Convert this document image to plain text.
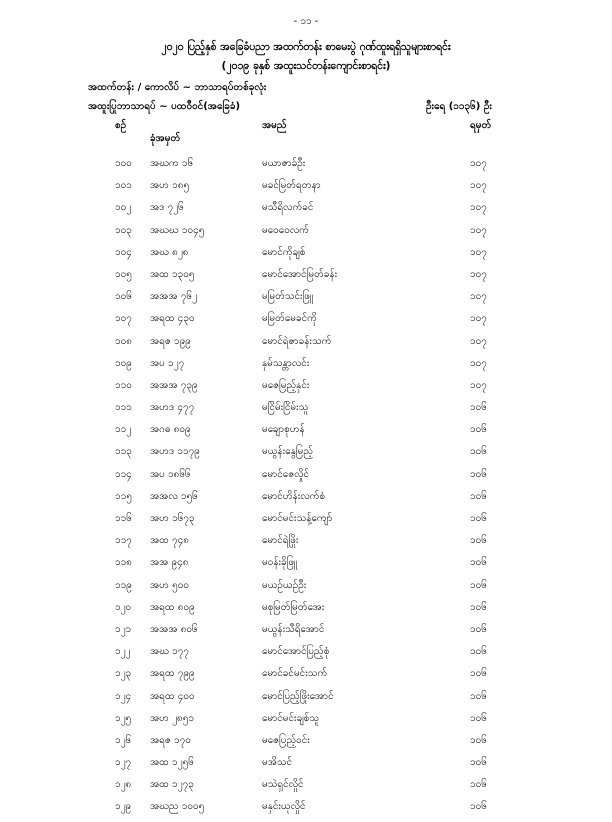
- ၁၁ -
၂၀၂၀ ပြည့်နှစ် အခြေခံပညာ အထက်တန်း စာမေးပွဲ ဂုဏ်ထူးရရှိသူများစာရင်း
(၂၀၁၉ ခုနှစ် အထူးသင်တန်းကျောင်းစာရင်း)
အထက်တန်း / ကောလိပ် ~ ဘာသာရပ်တစ်ခုလုံး
အထူးပြုဘာသာရပ် ~ ပထဝီဝင်(အခြေခံ)	ဦးရေ (၁၁၃၆) ဦး
စဉ်
ခုံအမှတ်
အမည်	ရမှတ်
၁၀၀ အဃက ၁၆	မယာဇာခ်ဦး	၁၀၇
၁၀၁ အဟ ၁၈၅	မခင်မြတ်ရတနာ	၁၀၇
၁၀၂ အဒ ၇၂၆	မသီရိလက်ခင်	၁၀၇
၁၀၃ အဃဃ ၁၀၄၅	မဝေဝေလက်	၁၀၇
၁၀၄ အဃ ၈၂၈	မောင်ကိုချစ်	၁၀၇
၁၀၅ အထ ၁၃၀၅	မောင်အောင်မြတ်ခန်း	၁၀၇
၁၀၆ အအအ ၇၆၂	မမြတ်သင်းဖြူ	၁၀၇
၁၀၇ အရထ ၄၃၀	မမြတ်မေခင်ကို	၁၀၇
၁၀၈ အရဇ ၁၉၉	မောင်ရဲဇာခန်းသက်	၁၀၇
၁၀၉ အပ ၁၂၇	နှမ်သန္တာလင်း	၁၀၇
၁၁၀ အအအ ၇၃၉	မဇေမြည့်နှင်း	၁၀၇
၁၁၁ အဟဒ ၄၇၇	မငြိမ်းငြိမ်းသူ	၁၀၆
၁၁၂ အဂဓ ၈၀၉	မချောစုဟန်	၁၀၆
၁၁၃ အဟဒ ၁၁၇၉	မယွန်းနွေမြည့်	၁၀၆
၁၁၄ အပ ၁၈၆၆	မောင်ဇေလှိုင်	၁၀၆
၁၁၅ အအလ ၁၅၆	မောင်ဟိန်းလက်စံ	၁၀၆
၁၁၆ အဟ ၁၆၇၃	မောင်မင်းသန့်ကျော်	၁၀၆
၁၁၇ အထ ၇၄၈	မောင်ရဲဖြိုး	၁၀၆
၁၁၈ အအ ၉၄၈	မဝန်းခိုဖြူ	၁၀၆
၁၁၉ အဟ ၅၀၀	မယဉ်ယဉ်ဦး	၁၀၆
၁၂၀ အရထ ၈၀၉	မစုမြတ်မြတ်အေး	၁၀၆
၁၂၁ အအအ ၈၀၆	မယွန်းသီရိအောင်	၁၀၆
၁၂၂ အဃ ၁၇၇	မောင်အောင်ပြည့်စုံ	၁၀၆
၁၂၃ အရထ ၇၉၉	မောင်ခင်မင်းသက်	၁၀၆
၁၂၄ အရထ ၄၀၀	မောင်ပြည့်ဖြိုးအောင်	၁၀၆
၁၂၅ အဟ ၂၈၅၁	မောင်မင်းချစ်သူ	၁၀၆
၁၂၆ အရဇ ၁၇၀	မဇေပြည့်ဝင်း	၁၀၆
၁၂၇ အထ ၁၂၅၆	မအိသင်	၁၀၆
၁၂၈ အထ ၁၂၇၃	မသဲရှင်လှိုင်	၁၀၆
၁၂၉ အဃည ၁၀၀၅	မနှင်းယုလှိုင်	၁၀၆
